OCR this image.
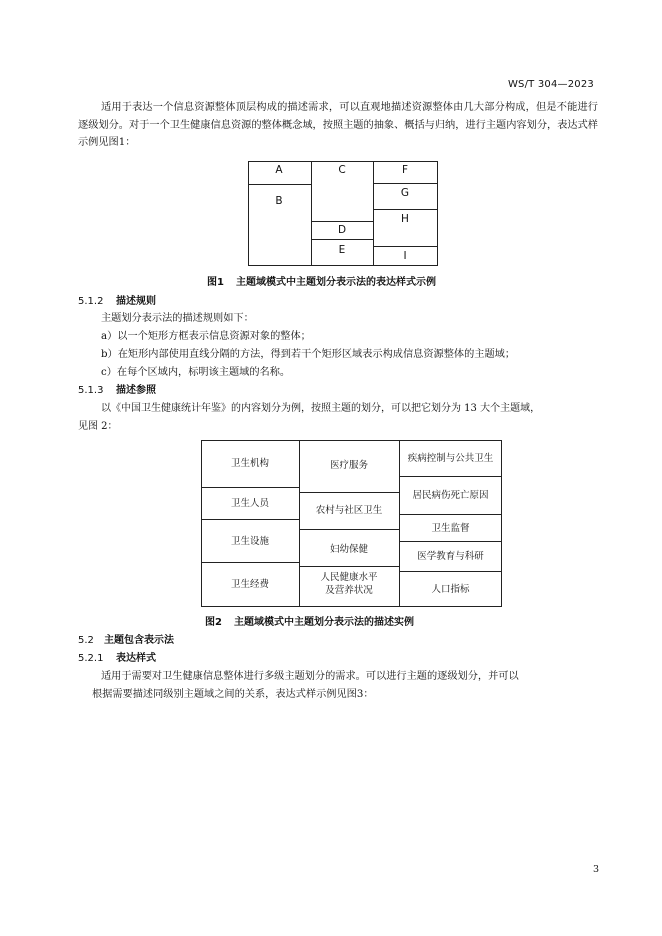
WS/T 304—2023
适用于表达一个信息资源整体顶层构成的描述需求，可以直观地描述资源整体由几大部分构成，但是不能进行逐级划分。对于一个卫生健康信息资源的整体概念域，按照主题的抽象、概括与归纳，进行主题内容划分，表达式样示例见图1：
A
B
C
D
E
F
G
H
I
图1 主题域模式中主题划分表示法的表达样式示例
5.1.2 描述规则
主题划分表示法的描述规则如下：
a）以一个矩形方框表示信息资源对象的整体；
b）在矩形内部使用直线分隔的方法，得到若干个矩形区域表示构成信息资源整体的主题域；
c）在每个区域内，标明该主题域的名称。
5.1.3 描述参照
以《中国卫生健康统计年鉴》的内容划分为例，按照主题的划分，可以把它划分为 13 大个主题域，
见图 2：
卫生机构
卫生人员
卫生设施
卫生经费
医疗服务
农村与社区卫生
妇幼保健
人民健康水平
及营养状况
疾病控制与公共卫生
居民病伤死亡原因
卫生监督
医学教育与科研
人口指标
图2 主题域模式中主题划分表示法的描述实例
5.2 主题包含表示法
5.2.1 表达样式
适用于需要对卫生健康信息整体进行多级主题划分的需求。可以进行主题的逐级划分，并可以
根据需要描述同级别主题域之间的关系，表达式样示例见图3：
3
